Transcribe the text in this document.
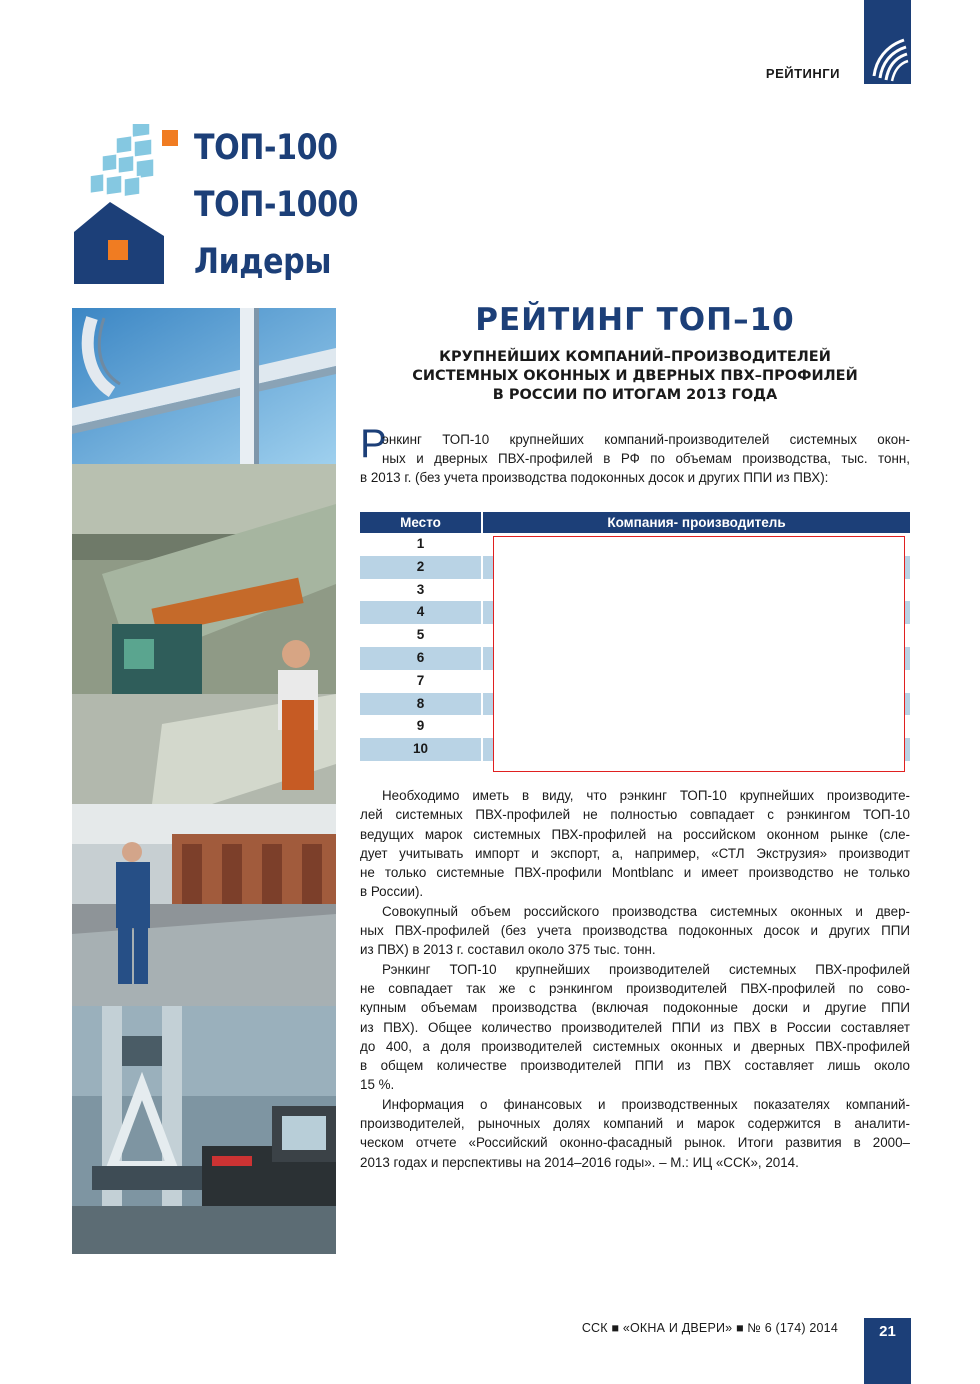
РЕЙТИНГИ
ТОП-100
ТОП-1000
Лидеры
РЕЙТИНГ ТОП–10
КРУПНЕЙШИХ КОМПАНИЙ–ПРОИЗВОДИТЕЛЕЙ
СИСТЕМНЫХ ОКОННЫХ И ДВЕРНЫХ ПВХ–ПРОФИЛЕЙ
В РОССИИ ПО ИТОГАМ 2013 ГОДА
Р
энкинг ТОП-10 крупнейших компаний-производителей системных окон-
ных и дверных ПВХ-профилей в РФ по объемам производства, тыс. тонн,
в 2013 г. (без учета производства подоконных досок и других ППИ из ПВХ):
Место	Компания- производитель
1
2
3
4
5
6
7
8
9
10
Необходимо иметь в виду, что рэнкинг ТОП-10 крупнейших производите-
лей системных ПВХ-профилей не полностью совпадает с рэнкингом ТОП-10
ведущих марок системных ПВХ-профилей на российском оконном рынке (сле-
дует учитывать импорт и экспорт, а, например, «СТЛ Экструзия» производит
не только системные ПВХ-профили Montblanc и имеет производство не только
в России).
Совокупный объем российского производства системных оконных и двер-
ных ПВХ-профилей (без учета производства подоконных досок и других ППИ
из ПВХ) в 2013 г. составил около 375 тыс. тонн.
Рэнкинг ТОП-10 крупнейших производителей системных ПВХ-профилей
не совпадает так же с рэнкингом производителей ПВХ-профилей по сово-
купным объемам производства (включая подоконные доски и другие ППИ
из ПВХ). Общее количество производителей ППИ из ПВХ в России составляет
до 400, а доля производителей системных оконных и дверных ПВХ-профилей
в общем количестве производителей ППИ из ПВХ составляет лишь около
15 %.
Информация о финансовых и производственных показателях компаний-
производителей, рыночных долях компаний и марок содержится в аналити-
ческом отчете «Российский оконно-фасадный рынок. Итоги развития в 2000–
2013 годах и перспективы на 2014–2016 годы». – М.: ИЦ «ССК», 2014.
ССК ■ «ОКНА И ДВЕРИ» ■ № 6 (174) 2014	21
